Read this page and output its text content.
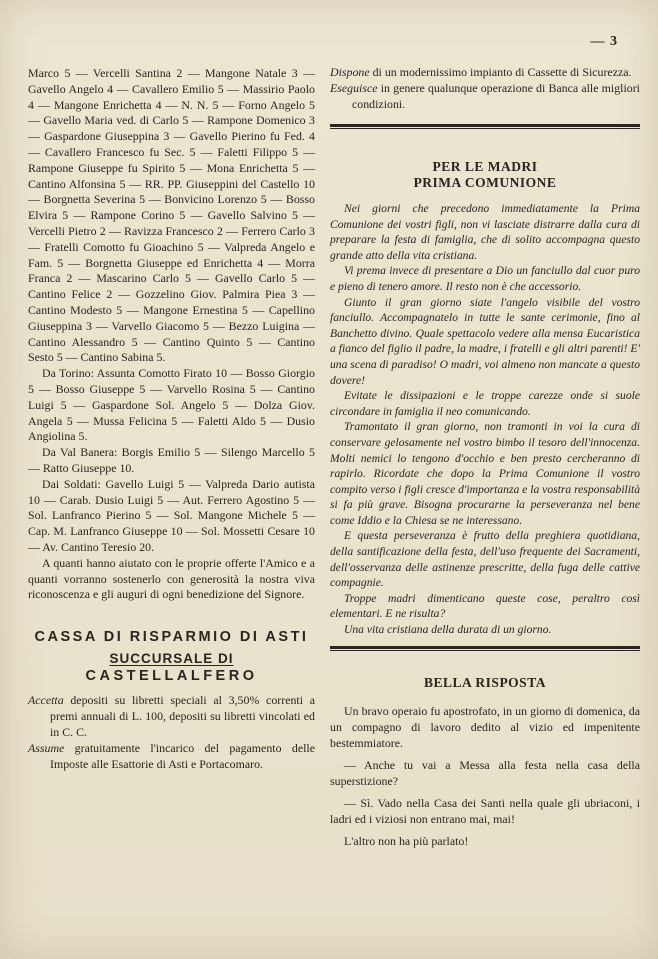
— 3

Marco 5 — Vercelli Santina 2 — Mangone Natale 3 — Gavello Angelo 4 — Cavallero Emilio 5 — Massirio Paolo 4 — Mangone Enrichetta 4 — N. N. 5 — Forno Angelo 5 — Gavello Maria ved. di Carlo 5 — Rampone Domenico 3 — Gaspardone Giuseppina 3 — Gavello Pierino fu Fed. 4 — Cavallero Francesco fu Sec. 5 — Faletti Filippo 5 — Rampone Giuseppe fu Spirito 5 — Mona Enrichetta 5 — Cantino Alfonsina 5 — RR. PP. Giuseppini del Castello 10 — Borgnetta Severina 5 — Bonvicino Lorenzo 5 — Bosso Elvira 5 — Rampone Corino 5 — Gavello Salvino 5 — Vercelli Pietro 2 — Ravizza Francesco 2 — Ferrero Carlo 3 — Fratelli Comotto fu Gioachino 5 — Valpreda Angelo e Fam. 5 — Borgnetta Giuseppe ed Enrichetta 4 — Morra Franca 2 — Mascarino Carlo 5 — Gavello Carlo 5 — Cantino Felice 2 — Gozzelino Giov. Palmira Piea 3 — Cantino Modesto 5 — Mangone Ernestina 5 — Capellino Giuseppina 3 — Varvello Giacomo 5 — Bezzo Luigina — Cantino Alessandro 5 — Cantino Quinto 5 — Cantino Sesto 5 — Cantino Sabina 5.

Da Torino: Assunta Comotto Firato 10 — Bosso Giorgio 5 — Bosso Giuseppe 5 — Varvello Rosina 5 — Cantino Luigi 5 — Gaspardone Sol. Angelo 5 — Dolza Giov. Angela 5 — Mussa Felicina 5 — Faletti Aldo 5 — Dusio Angiolina 5.

Da Val Banera: Borgis Emilio 5 — Silengo Marcello 5 — Ratto Giuseppe 10.

Dai Soldati: Gavello Luigi 5 — Valpreda Dario autista 10 — Carab. Dusio Luigi 5 — Aut. Ferrero Agostino 5 — Sol. Lanfranco Pierino 5 — Sol. Mangone Michele 5 — Cap. M. Lanfranco Giuseppe 10 — Sol. Mossetti Cesare 10 — Av. Cantino Teresio 20.

A quanti hanno aiutato con le proprie offerte l'Amico e a quanti vorranno sostenerlo con generosità la nostra viva riconoscenza e gli auguri di ogni benedizione del Signore.

CASSA DI RISPARMIO DI ASTI

SUCCURSALE DI

CASTELLALFERO

Accetta depositi su libretti speciali al 3,50% correnti a premi annuali di L. 100, depositi su libretti vincolati ed in C. C.

Assume gratuitamente l'incarico del pagamento delle Imposte alle Esattorie di Asti e Portacomaro.

Dispone di un modernissimo impianto di Cassette di Sicurezza.

Eseguisce in genere qualunque operazione di Banca alle migliori condizioni.

PER LE MADRI

PRIMA COMUNIONE

Nei giorni che precedono immediatamente la Prima Comunione dei vostri figli, non vi lasciate distrarre dalla cura di preparare la festa di famiglia, che di solito accompagna questo grande atto della vita cristiana.

Vi prema invece di presentare a Dio un fanciullo dal cuor puro e pieno di tenero amore. Il resto non è che accessorio.

Giunto il gran giorno siate l'angelo visibile del vostro fanciullo. Accompagnatelo in tutte le sante cerimonie, fino al Banchetto divino. Quale spettacolo vedere alla mensa Eucaristica a fianco del figlio il padre, la madre, i fratelli e gli altri parenti! E' una scena di paradiso! O madri, voi almeno non mancate a questo dovere!

Evitate le dissipazioni e le troppe carezze onde si suole circondare in famiglia il neo comunicando.

Tramontato il gran giorno, non tramonti in voi la cura di conservare gelosamente nel vostro bimbo il tesoro dell'innocenza. Molti nemici lo tengono d'occhio e ben presto cercheranno di rapirlo. Ricordate che dopo la Prima Comunione il vostro compito verso i figli cresce d'importanza e la vostra responsabilità si fa più grave. Bisogna procurarne la perseveranza nel bene come Iddio e la Chiesa se ne interessano.

E questa perseveranza è frutto della preghiera quotidiana, della santificazione della festa, dell'uso frequente dei Sacramenti, dell'osservanza delle astinenze prescritte, della fuga delle cattive compagnie.

Troppe madri dimenticano queste cose, peraltro così elementari. E ne risulta?

Una vita cristiana della durata di un giorno.

BELLA RISPOSTA

Un bravo operaio fu apostrofato, in un giorno di domenica, da un compagno di lavoro dedito al vizio ed impenitente bestemmiatore.

— Anche tu vai a Messa alla festa nella casa della superstizione?

— Sì. Vado nella Casa dei Santi nella quale gli ubriaconi, i ladri ed i viziosi non entrano mai, mai!

L'altro non ha più parlato!
